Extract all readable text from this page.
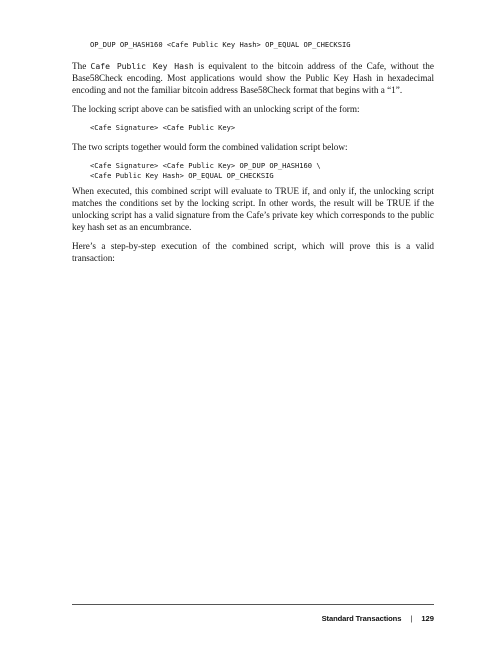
OP_DUP OP_HASH160 <Cafe Public Key Hash> OP_EQUAL OP_CHECKSIG

The Cafe Public Key Hash is equivalent to the bitcoin address of the Cafe, without the Base58Check encoding. Most applications would show the Public Key Hash in hexadecimal encoding and not the familiar bitcoin address Base58Check format that begins with a “1”.

The locking script above can be satisfied with an unlocking script of the form:

<Cafe Signature> <Cafe Public Key>

The two scripts together would form the combined validation script below:

<Cafe Signature> <Cafe Public Key> OP_DUP OP_HASH160 \
<Cafe Public Key Hash> OP_EQUAL OP_CHECKSIG

When executed, this combined script will evaluate to TRUE if, and only if, the unlocking script matches the conditions set by the locking script. In other words, the result will be TRUE if the unlocking script has a valid signature from the Cafe’s private key which corresponds to the public key hash set as an encumbrance.

Here’s a step-by-step execution of the combined script, which will prove this is a valid transaction:

Standard Transactions | 129
